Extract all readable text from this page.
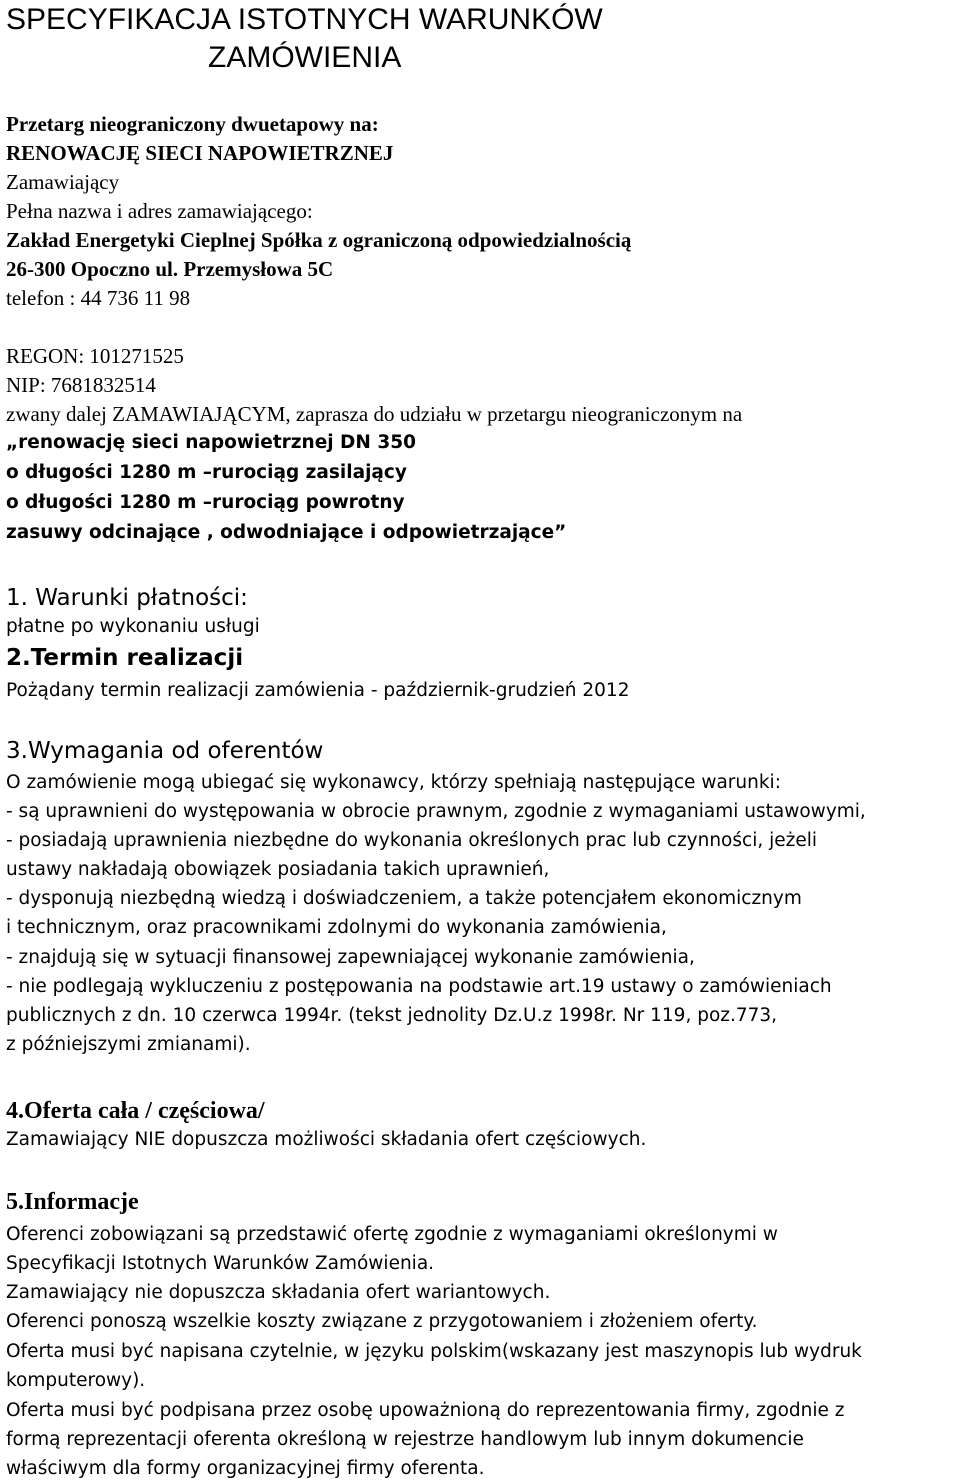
SPECYFIKACJA ISTOTNYCH WARUNKÓW
ZAMÓWIENIA
Przetarg nieograniczony dwuetapowy na:
RENOWACJĘ SIECI NAPOWIETRZNEJ
Zamawiający
Pełna nazwa i adres zamawiającego:
Zakład Energetyki Cieplnej Spółka z ograniczoną odpowiedzialnością
26-300 Opoczno ul. Przemysłowa 5C
telefon : 44 736 11 98
REGON: 101271525
NIP: 7681832514
zwany dalej ZAMAWIAJĄCYM, zaprasza do udziału w przetargu nieograniczonym na
„renowację sieci napowietrznej DN 350
o długości 1280 m –rurociąg zasilający
o długości 1280 m –rurociąg powrotny
zasuwy odcinające , odwodniające i odpowietrzające”
1. Warunki płatności:
płatne po wykonaniu usługi
2.Termin realizacji
Pożądany termin realizacji zamówienia - październik-grudzień 2012
3.Wymagania od oferentów
O zamówienie mogą ubiegać się wykonawcy, którzy spełniają następujące warunki:
- są uprawnieni do występowania w obrocie prawnym, zgodnie z wymaganiami ustawowymi,
- posiadają uprawnienia niezbędne do wykonania określonych prac lub czynności, jeżeli
ustawy nakładają obowiązek posiadania takich uprawnień,
- dysponują niezbędną wiedzą i doświadczeniem, a także potencjałem ekonomicznym
i technicznym, oraz pracownikami zdolnymi do wykonania zamówienia,
- znajdują się w sytuacji finansowej zapewniającej wykonanie zamówienia,
- nie podlegają wykluczeniu z postępowania na podstawie art.19 ustawy o zamówieniach
publicznych z dn. 10 czerwca 1994r. (tekst jednolity Dz.U.z 1998r. Nr 119, poz.773,
z późniejszymi zmianami).
4.Oferta cała / częściowa/
Zamawiający NIE dopuszcza możliwości składania ofert częściowych.
5.Informacje
Oferenci zobowiązani są przedstawić ofertę zgodnie z wymaganiami określonymi w
Specyfikacji Istotnych Warunków Zamówienia.
Zamawiający nie dopuszcza składania ofert wariantowych.
Oferenci ponoszą wszelkie koszty związane z przygotowaniem i złożeniem oferty.
Oferta musi być napisana czytelnie, w języku polskim(wskazany jest maszynopis lub wydruk
komputerowy).
Oferta musi być podpisana przez osobę upoważnioną do reprezentowania firmy, zgodnie z
formą reprezentacji oferenta określoną w rejestrze handlowym lub innym dokumencie
właściwym dla formy organizacyjnej firmy oferenta.
